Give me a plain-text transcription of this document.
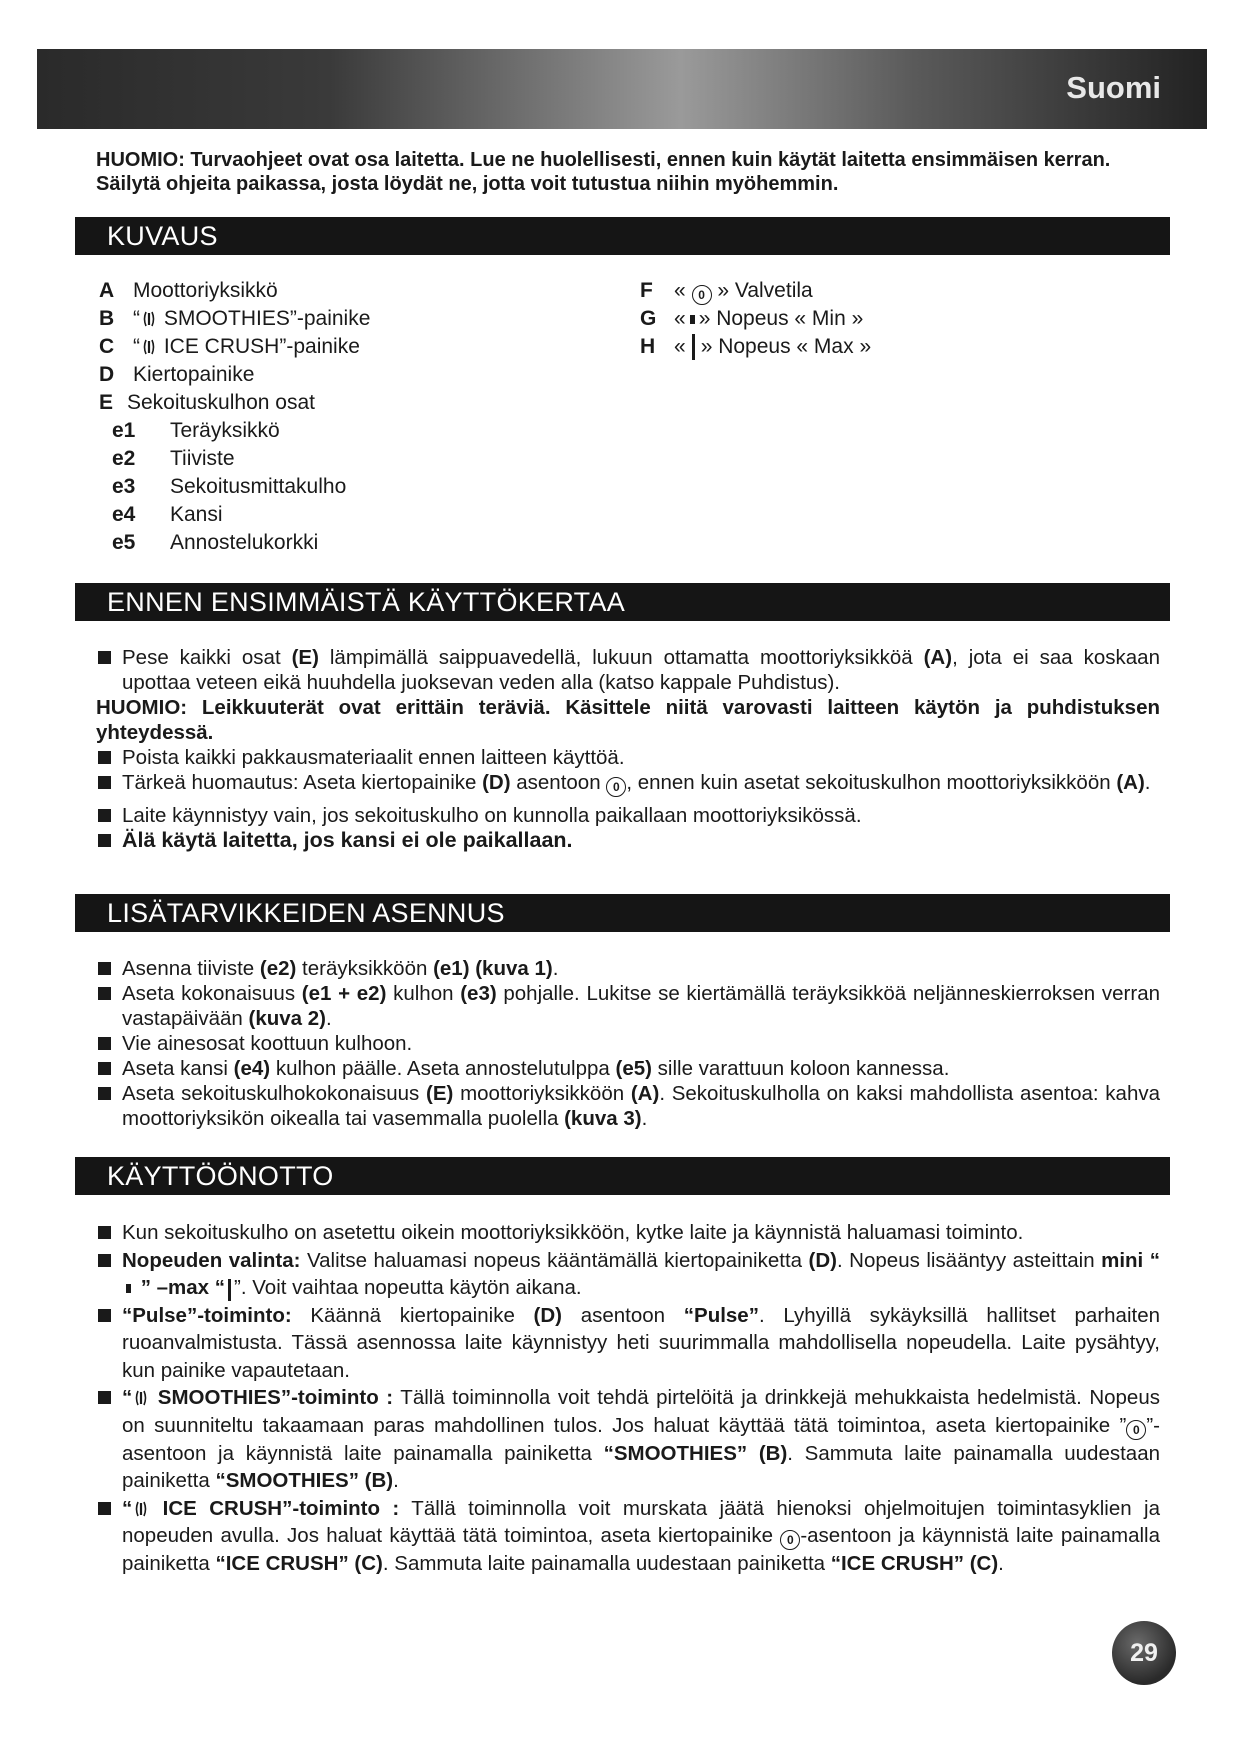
Suomi
HUOMIO: Turvaohjeet ovat osa laitetta. Lue ne huolellisesti, ennen kuin käytät laitetta ensimmäisen kerran. Säilytä ohjeita paikassa, josta löydät ne, jotta voit tutustua niihin myöhemmin.
KUVAUS
A Moottoriyksikkö
B “ SMOOTHIES”-painike
C “ ICE CRUSH”-painike
D Kiertopainike
E Sekoituskulhon osat
e1 Teräyksikkö
e2 Tiiviste
e3 Sekoitusmittakulho
e4 Kansi
e5 Annostelukorkki
F « 0 » Valvetila
G « » Nopeus « Min »
H « » Nopeus « Max »
ENNEN ENSIMMÄISTÄ KÄYTTÖKERTAA
Pese kaikki osat (E) lämpimällä saippuavedellä, lukuun ottamatta moottoriyksikköä (A), jota ei saa koskaan upottaa veteen eikä huuhdella juoksevan veden alla (katso kappale Puhdistus).
HUOMIO: Leikkuuterät ovat erittäin teräviä. Käsittele niitä varovasti laitteen käytön ja puhdistuksen yhteydessä.
Poista kaikki pakkausmateriaalit ennen laitteen käyttöä.
Tärkeä huomautus: Aseta kiertopainike (D) asentoon 0 , ennen kuin asetat sekoituskulhon moottoriyksikköön (A).
Laite käynnistyy vain, jos sekoituskulho on kunnolla paikallaan moottoriyksikössä.
Älä käytä laitetta, jos kansi ei ole paikallaan.
LISÄTARVIKKEIDEN ASENNUS
Asenna tiiviste (e2) teräyksikköön (e1) (kuva 1).
Aseta kokonaisuus (e1 + e2) kulhon (e3) pohjalle. Lukitse se kiertämällä teräyksikköä neljänneskierroksen verran vastapäivään (kuva 2).
Vie ainesosat koottuun kulhoon.
Aseta kansi (e4) kulhon päälle. Aseta annostelutulppa (e5) sille varattuun koloon kannessa.
Aseta sekoituskulhokokonaisuus (E) moottoriyksikköön (A). Sekoituskulholla on kaksi mahdollista asentoa: kahva moottoriyksikön oikealla tai vasemmalla puolella (kuva 3).
KÄYTTÖÖNOTTO
Kun sekoituskulho on asetettu oikein moottoriyksikköön, kytke laite ja käynnistä haluamasi toiminto.
Nopeuden valinta: Valitse haluamasi nopeus kääntämällä kiertopainiketta (D). Nopeus lisääntyy asteittain mini “ ” –max “ ”. Voit vaihtaa nopeutta käytön aikana.
“Pulse”-toiminto: Käännä kiertopainike (D) asentoon “Pulse”. Lyhyillä sykäyksillä hallitset parhaiten ruoanvalmistusta. Tässä asennossa laite käynnistyy heti suurimmalla mahdollisella nopeudella. Laite pysähtyy, kun painike vapautetaan.
“ SMOOTHIES”-toiminto : Tällä toiminnolla voit tehdä pirtelöitä ja drinkkejä mehukkaista hedelmistä. Nopeus on suunniteltu takaamaan paras mahdollinen tulos. Jos haluat käyttää tätä toimintoa, aseta kiertopainike ” 0 ”-asentoon ja käynnistä laite painamalla painiketta “SMOOTHIES” (B). Sammuta laite painamalla uudestaan painiketta “SMOOTHIES” (B).
“ ICE CRUSH”-toiminto : Tällä toiminnolla voit murskata jäätä hienoksi ohjelmoitujen toimintasyklien ja nopeuden avulla. Jos haluat käyttää tätä toimintoa, aseta kiertopainike 0 -asentoon ja käynnistä laite painamalla painiketta “ICE CRUSH” (C). Sammuta laite painamalla uudestaan painiketta “ICE CRUSH” (C).
29
